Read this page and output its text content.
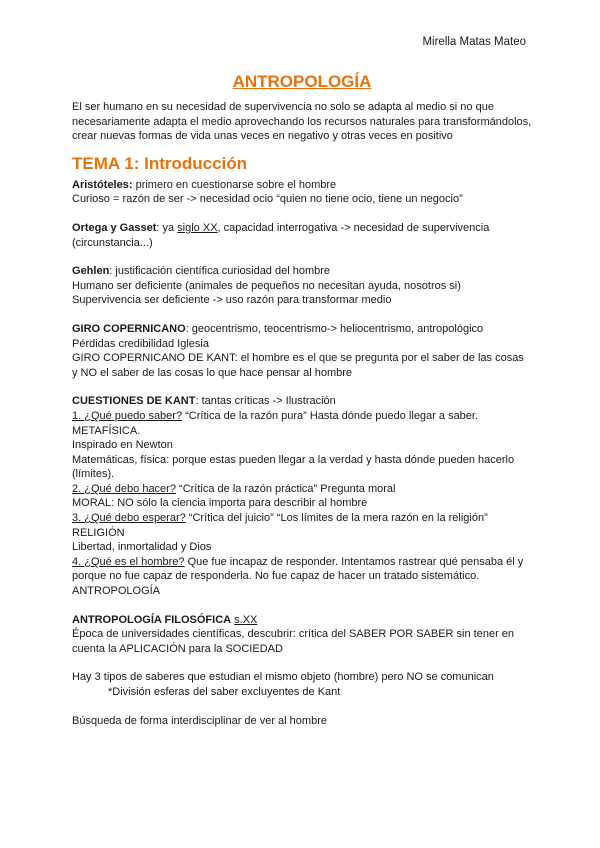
Mirella Matas Mateo
ANTROPOLOGÍA

El ser humano en su necesidad de supervivencia no solo se adapta al medio si no que necesariamente adapta el medio aprovechando los recursos naturales para transformándolos, crear nuevas formas de vida unas veces en negativo y otras veces en positivo

TEMA 1: Introducción

Aristóteles: primero en cuestionarse sobre el hombre

Curioso = razón de ser -> necesidad ocio “quien no tiene ocio, tiene un negocio”

Ortega y Gasset: ya siglo XX, capacidad interrogativa -> necesidad de supervivencia (circunstancia...)

Gehlen: justificación científica curiosidad del hombre

Humano ser deficiente (animales de pequeños no necesitan ayuda, nosotros si)

Supervivencia ser deficiente -> uso razón para transformar medio

GIRO COPERNICANO: geocentrismo, teocentrismo-> heliocentrismo, antropológico

Pérdidas credibilidad Iglesia

GIRO COPERNICANO DE KANT: el hombre es el que se pregunta por el saber de las cosas y NO el saber de las cosas lo que hace pensar al hombre

CUESTIONES DE KANT: tantas críticas -> Ilustración

1. ¿Qué puedo saber? “Crítica de la razón pura” Hasta dónde puedo llegar a saber.

METAFÍSICA.

Inspirado en Newton

Matemáticas, física: porque estas pueden llegar a la verdad y hasta dónde pueden hacerlo (límites).

2. ¿Qué debo hacer? “Crítica de la razón práctica” Pregunta moral

MORAL: NO sólo la ciencia importa para describir al hombre

3. ¿Qué debo esperar? “Crítica del juicio” “Los límites de la mera razón en la religión”

RELIGIÓN

Libertad, inmortalidad y Dios

4. ¿Qué es el hombre? Que fue incapaz de responder. Intentamos rastrear qué pensaba él y porque no fue capaz de responderla. No fue capaz de hacer un tratado sistemático.

ANTROPOLOGÍA

ANTROPOLOGÍA FILOSÓFICA s.XX

Época de universidades científicas, descubrir: crítica del SABER POR SABER sin tener en cuenta la APLICACIÓN para la SOCIEDAD

Hay 3 tipos de saberes que estudian el mismo objeto (hombre) pero NO se comunican

*División esferas del saber excluyentes de Kant

Búsqueda de forma interdisciplinar de ver al hombre
